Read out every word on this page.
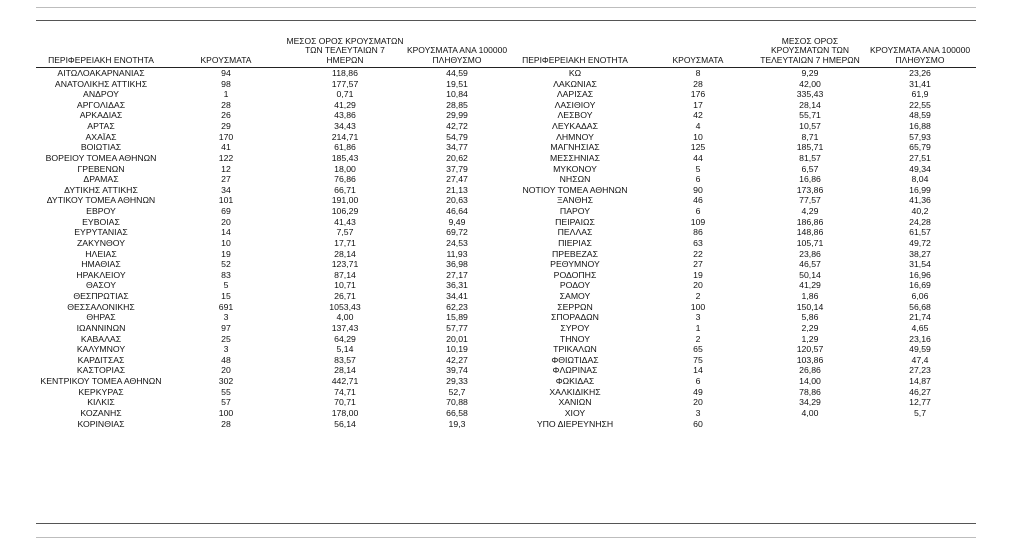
ΠΕΡΙΦΕΡΕΙΑΚΗ ΕΝΟΤΗΤΑ	ΚΡΟΥΣΜΑΤΑ	ΜΕΣΟΣ ΟΡΟΣ ΚΡΟΥΣΜΑΤΩΝ ΤΩΝ ΤΕΛΕΥΤΑΙΩΝ 7 ΗΜΕΡΩΝ	ΚΡΟΥΣΜΑΤΑ ΑΝΑ 100000 ΠΛΗΘΥΣΜΟ	ΠΕΡΙΦΕΡΕΙΑΚΗ ΕΝΟΤΗΤΑ	ΚΡΟΥΣΜΑΤΑ	ΜΕΣΟΣ ΟΡΟΣ ΚΡΟΥΣΜΑΤΩΝ ΤΩΝ ΤΕΛΕΥΤΑΙΩΝ 7 ΗΜΕΡΩΝ	ΚΡΟΥΣΜΑΤΑ ΑΝΑ 100000 ΠΛΗΘΥΣΜΟ
ΑΙΤΩΛΟΑΚΑΡΝΑΝΙΑΣ	94	118,86	44,59	ΚΩ	8	9,29	23,26
ΑΝΑΤΟΛΙΚΗΣ ΑΤΤΙΚΗΣ	98	177,57	19,51	ΛΑΚΩΝΙΑΣ	28	42,00	31,41
ΑΝΔΡΟΥ	1	0,71	10,84	ΛΑΡΙΣΑΣ	176	335,43	61,9
ΑΡΓΟΛΙΔΑΣ	28	41,29	28,85	ΛΑΣΙΘΙΟΥ	17	28,14	22,55
ΑΡΚΑΔΙΑΣ	26	43,86	29,99	ΛΕΣΒΟΥ	42	55,71	48,59
ΑΡΤΑΣ	29	34,43	42,72	ΛΕΥΚΑΔΑΣ	4	10,57	16,88
ΑΧΑΪΑΣ	170	214,71	54,79	ΛΗΜΝΟΥ	10	8,71	57,93
ΒΟΙΩΤΙΑΣ	41	61,86	34,77	ΜΑΓΝΗΣΙΑΣ	125	185,71	65,79
ΒΟΡΕΙΟΥ ΤΟΜΕΑ ΑΘΗΝΩΝ	122	185,43	20,62	ΜΕΣΣΗΝΙΑΣ	44	81,57	27,51
ΓΡΕΒΕΝΩΝ	12	18,00	37,79	ΜΥΚΟΝΟΥ	5	6,57	49,34
ΔΡΑΜΑΣ	27	76,86	27,47	ΝΗΣΩΝ	6	16,86	8,04
ΔΥΤΙΚΗΣ ΑΤΤΙΚΗΣ	34	66,71	21,13	ΝΟΤΙΟΥ ΤΟΜΕΑ ΑΘΗΝΩΝ	90	173,86	16,99
ΔΥΤΙΚΟΥ ΤΟΜΕΑ ΑΘΗΝΩΝ	101	191,00	20,63	ΞΑΝΘΗΣ	46	77,57	41,36
ΕΒΡΟΥ	69	106,29	46,64	ΠΑΡΟΥ	6	4,29	40,2
ΕΥΒΟΙΑΣ	20	41,43	9,49	ΠΕΙΡΑΙΩΣ	109	186,86	24,28
ΕΥΡΥΤΑΝΙΑΣ	14	7,57	69,72	ΠΕΛΛΑΣ	86	148,86	61,57
ΖΑΚΥΝΘΟΥ	10	17,71	24,53	ΠΙΕΡΙΑΣ	63	105,71	49,72
ΗΛΕΙΑΣ	19	28,14	11,93	ΠΡΕΒΕΖΑΣ	22	23,86	38,27
ΗΜΑΘΙΑΣ	52	123,71	36,98	ΡΕΘΥΜΝΟΥ	27	46,57	31,54
ΗΡΑΚΛΕΙΟΥ	83	87,14	27,17	ΡΟΔΟΠΗΣ	19	50,14	16,96
ΘΑΣΟΥ	5	10,71	36,31	ΡΟΔΟΥ	20	41,29	16,69
ΘΕΣΠΡΩΤΙΑΣ	15	26,71	34,41	ΣΑΜΟΥ	2	1,86	6,06
ΘΕΣΣΑΛΟΝΙΚΗΣ	691	1053,43	62,23	ΣΕΡΡΩΝ	100	150,14	56,68
ΘΗΡΑΣ	3	4,00	15,89	ΣΠΟΡΑΔΩΝ	3	5,86	21,74
ΙΩΑΝΝΙΝΩΝ	97	137,43	57,77	ΣΥΡΟΥ	1	2,29	4,65
ΚΑΒΑΛΑΣ	25	64,29	20,01	ΤΗΝΟΥ	2	1,29	23,16
ΚΑΛΥΜΝΟΥ	3	5,14	10,19	ΤΡΙΚΑΛΩΝ	65	120,57	49,59
ΚΑΡΔΙΤΣΑΣ	48	83,57	42,27	ΦΘΙΩΤΙΔΑΣ	75	103,86	47,4
ΚΑΣΤΟΡΙΑΣ	20	28,14	39,74	ΦΛΩΡΙΝΑΣ	14	26,86	27,23
ΚΕΝΤΡΙΚΟΥ ΤΟΜΕΑ ΑΘΗΝΩΝ	302	442,71	29,33	ΦΩΚΙΔΑΣ	6	14,00	14,87
ΚΕΡΚΥΡΑΣ	55	74,71	52,7	ΧΑΛΚΙΔΙΚΗΣ	49	78,86	46,27
ΚΙΛΚΙΣ	57	70,71	70,88	ΧΑΝΙΩΝ	20	34,29	12,77
ΚΟΖΑΝΗΣ	100	178,00	66,58	ΧΙΟΥ	3	4,00	5,7
ΚΟΡΙΝΘΙΑΣ	28	56,14	19,3	ΥΠΟ ΔΙΕΡΕΥΝΗΣΗ	60		
